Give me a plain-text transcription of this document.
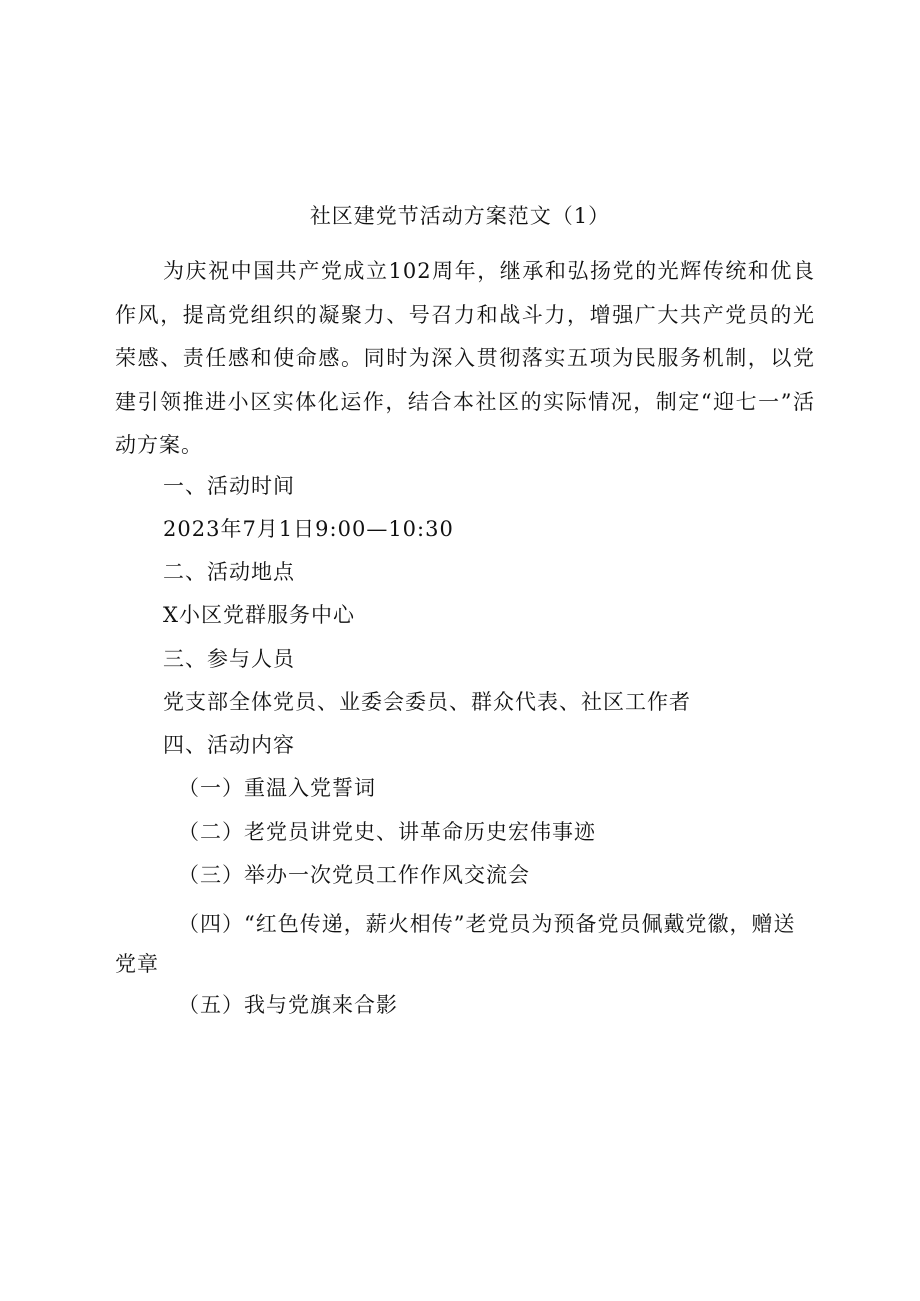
社区建党节活动方案范文（1）

为庆祝中国共产党成立102周年，继承和弘扬党的光辉传统和优良作风，提高党组织的凝聚力、号召力和战斗力，增强广大共产党员的光荣感、责任感和使命感。同时为深入贯彻落实五项为民服务机制，以党建引领推进小区实体化运作，结合本社区的实际情况，制定“迎七一”活动方案。

一、活动时间
2023年7月1日9:00—10:30
二、活动地点
X小区党群服务中心
三、参与人员
党支部全体党员、业委会委员、群众代表、社区工作者
四、活动内容
（一）重温入党誓词
（二）老党员讲党史、讲革命历史宏伟事迹
（三）举办一次党员工作作风交流会

（四）“红色传递，薪火相传”老党员为预备党员佩戴党徽，赠送党章

（五）我与党旗来合影
